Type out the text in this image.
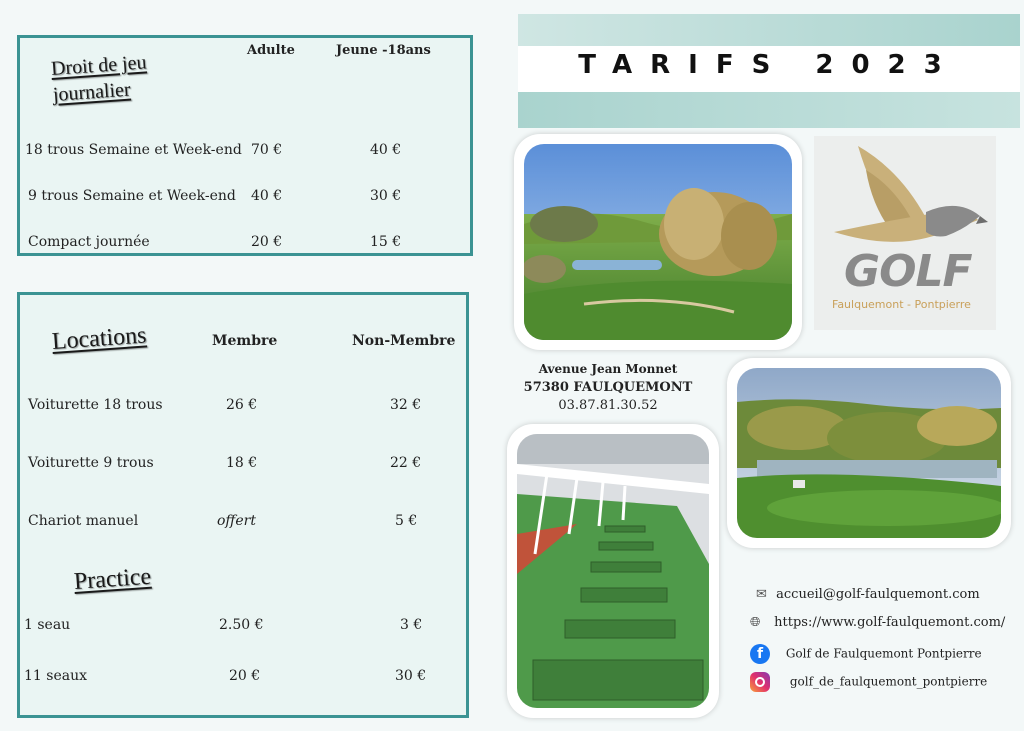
Droit de jeu
journalier
Adulte	Jeune -18ans
18 trous Semaine et Week-end 70 €	40 €
9 trous Semaine et Week-end 40 €	30 €
Compact journée	20 €	15 €
Locations	Membre	Non-Membre
Voiturette 18 trous	26 €	32 €
Voiturette 9 trous	18 €	22 €
Chariot manuel	offert	5 €
Practice
1 seau	2.50 €	3 €
11 seaux	20 €	30 €
TARIFS 2023
GOLF
Faulquemont - Pontpierre
Avenue Jean Monnet
57380 FAULQUEMONT
03.87.81.30.52
✉ accueil@golf-faulquemont.com
🌐︎ https://www.golf-faulquemont.com/
f Golf de Faulquemont Pontpierre
golf_de_faulquemont_pontpierre
